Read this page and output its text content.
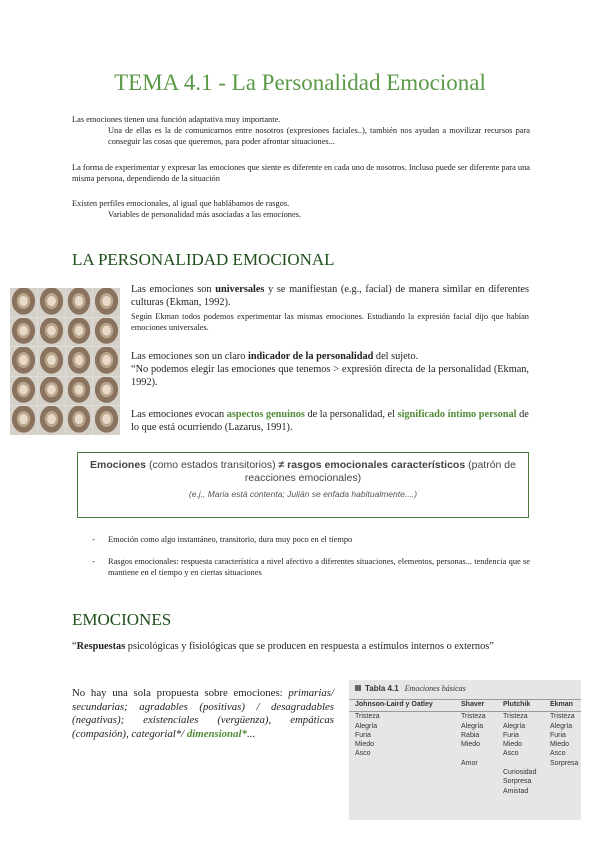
TEMA 4.1 - La Personalidad Emocional
Las emociones tienen una función adaptativa muy importante.
Una de ellas es la de comunicarnos entre nosotros (expresiones faciales..), también nos ayudan a movilizar recursos para conseguir las cosas que queremos, para poder afrontar situaciones...
La forma de experimentar y expresar las emociones que siente es diferente en cada uno de nosotros. Incluso puede ser diferente para una misma persona, dependiendo de la situación
Existen perfiles emocionales, al igual que hablábamos de rasgos.
Variables de personalidad más asociadas a las emociones.
LA PERSONALIDAD EMOCIONAL
Las emociones son universales y se manifiestan (e.g., facial) de manera similar en diferentes culturas (Ekman, 1992).
Según Ekman todos podemos experimentar las mismas emociones. Estudiando la expresión facial dijo que habían emociones universales.
Las emociones son un claro indicador de la personalidad del sujeto.
“No podemos elegir las emociones que tenemos > expresión directa de la personalidad (Ekman, 1992).
Las emociones evocan aspectos genuinos de la personalidad, el significado íntimo personal de lo que está ocurriendo (Lazarus, 1991).
Emociones (como estados transitorios) ≠ rasgos emocionales característicos (patrón de reacciones emocionales)
(e.j., Maria está contenta; Julián se enfada habitualmente....)
-	Emoción como algo instantáneo, transitorio, dura muy poco en el tiempo
-	Rasgos emocionales: respuesta característica a nivel afectivo a diferentes situaciones, elementos, personas... tendencia que se mantiene en el tiempo y en ciertas situaciones
EMOCIONES
“Respuestas psicológicas y fisiológicas que se producen en respuesta a estímulos internos o externos”
No hay una sola propuesta sobre emociones: primarias/ secundarias; agradables (positivas) / desagradables (negativas); existenciales (vergüenza), empáticas (compasión), categorial*/ dimensional*...
Tabla 4.1 Emociones básicas
Johnson-Laird y Oatley
Tristeza
Alegría
Furia
Miedo
Asco
Shaver
Tristeza
Alegría
Rabia
Miedo
Amor
Plutchik
Tristeza
Alegría
Furia
Miedo
Asco
Curiosidad
Sorpresa
Amistad
Ekman
Tristeza
Alegría
Furia
Miedo
Asco
Sorpresa
